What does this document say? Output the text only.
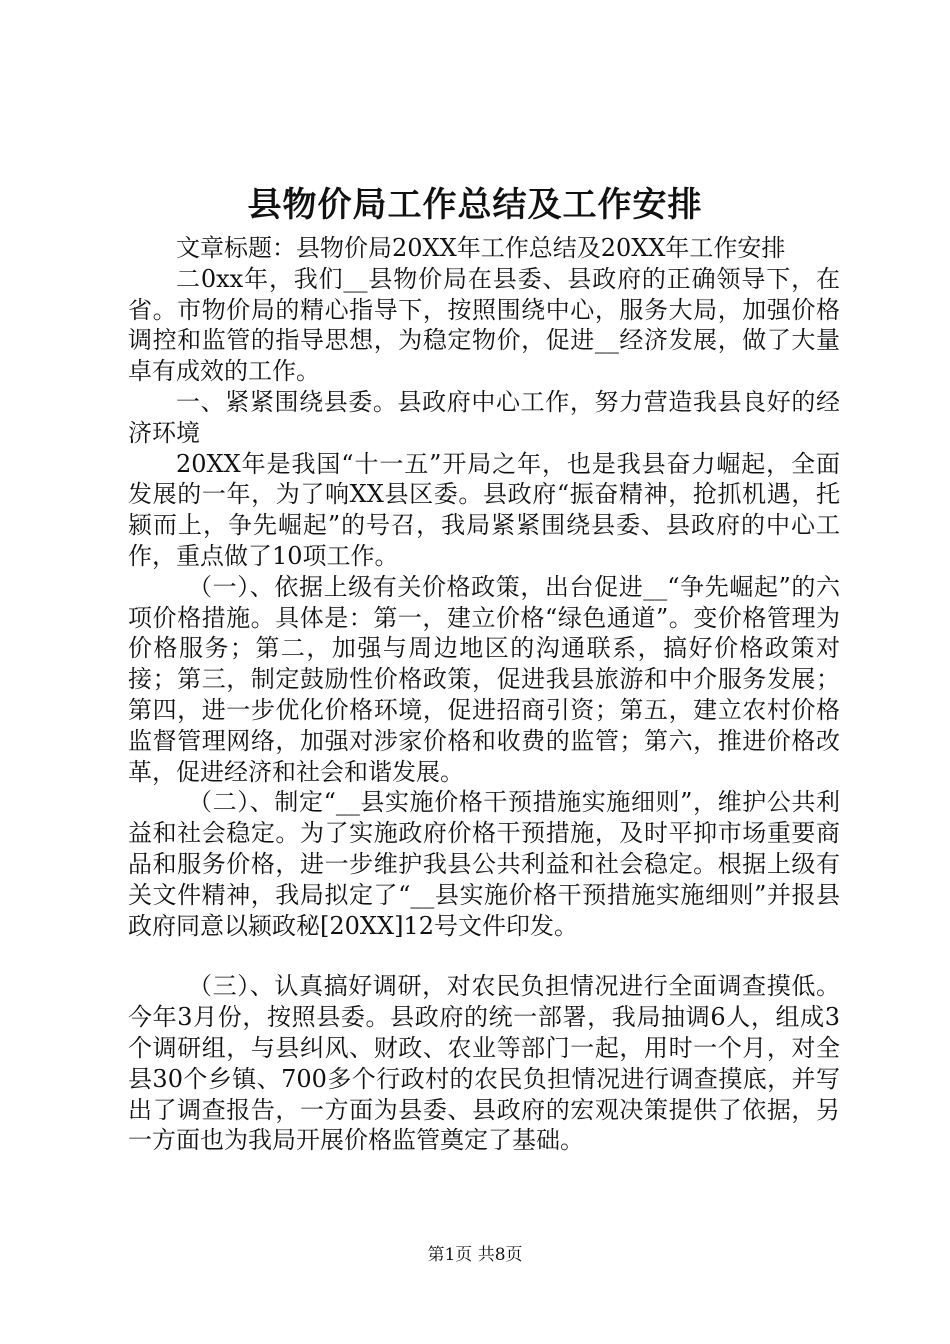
县物价局工作总结及工作安排

文章标题：县物价局20XX年工作总结及20XX年工作安排

二0xx年，我们__县物价局在县委、县政府的正确领导下，在省。市物价局的精心指导下，按照围绕中心，服务大局，加强价格调控和监管的指导思想，为稳定物价，促进__经济发展，做了大量卓有成效的工作。

一、紧紧围绕县委。县政府中心工作，努力营造我县良好的经济环境

20XX年是我国“十一五”开局之年，也是我县奋力崛起，全面发展的一年，为了响XX县区委。县政府“振奋精神，抢抓机遇，托颍而上，争先崛起”的号召，我局紧紧围绕县委、县政府的中心工作，重点做了10项工作。

（一）、依据上级有关价格政策，出台促进__“争先崛起”的六项价格措施。具体是：第一，建立价格“绿色通道”。变价格管理为价格服务；第二，加强与周边地区的沟通联系，搞好价格政策对接；第三，制定鼓励性价格政策，促进我县旅游和中介服务发展；第四，进一步优化价格环境，促进招商引资；第五，建立农村价格监督管理网络，加强对涉家价格和收费的监管；第六，推进价格改革，促进经济和社会和谐发展。

（二）、制定“__县实施价格干预措施实施细则”，维护公共利益和社会稳定。为了实施政府价格干预措施，及时平抑市场重要商品和服务价格，进一步维护我县公共利益和社会稳定。根据上级有关文件精神，我局拟定了“__县实施价格干预措施实施细则”并报县政府同意以颍政秘[20XX]12号文件印发。

（三）、认真搞好调研，对农民负担情况进行全面调查摸低。今年3月份，按照县委。县政府的统一部署，我局抽调6人，组成3个调研组，与县纠风、财政、农业等部门一起，用时一个月，对全县30个乡镇、700多个行政村的农民负担情况进行调查摸底，并写出了调查报告，一方面为县委、县政府的宏观决策提供了依据，另一方面也为我局开展价格监管奠定了基础。

第1页 共8页
